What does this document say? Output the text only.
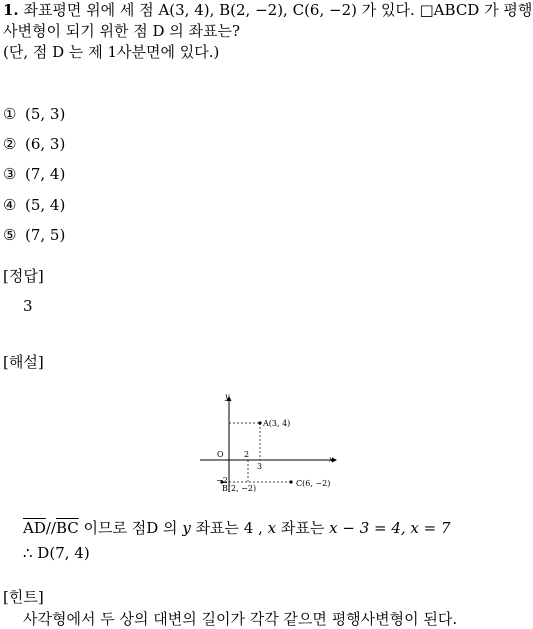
1. 좌표평면 위에 세 점 A(3, 4), B(2, −2), C(6, −2) 가 있다. □ABCD 가 평행
사변형이 되기 위한 점 D 의 좌표는?
(단, 점 D 는 제 1사분면에 있다.)
① (5, 3)
② (6, 3)
③ (7, 4)
④ (5, 4)
⑤ (7, 5)
[정답]
3
[해설]
y
x
O	2
3
−2
A(3, 4)
B(2, −2)
C(6, −2)
$\overline{AD}//\overline{BC}$ 이므로 점D 의 y 좌표는 4 , x 좌표는 x − 3 = 4, x = 7
∴ D(7, 4)
[힌트]
사각형에서 두 상의 대변의 길이가 각각 같으면 평행사변형이 된다.
